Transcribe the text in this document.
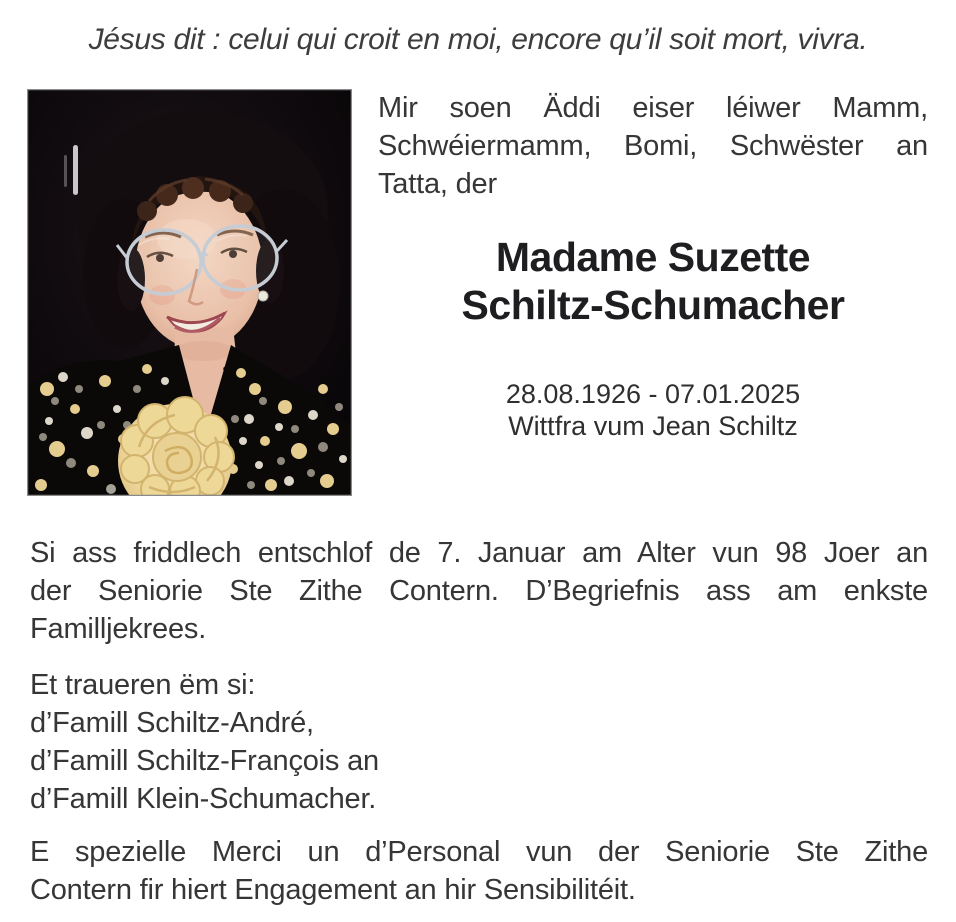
Jésus dit : celui qui croit en moi, encore qu’il soit mort, vivra.
Mir soen Äddi eiser léiwer Mamm,
Schwéiermamm, Bomi, Schwëster an
Tatta, der
Madame Suzette
Schiltz-Schumacher
28.08.1926 - 07.01.2025
Wittfra vum Jean Schiltz
Si ass friddlech entschlof de 7. Januar am Alter vun 98 Joer an
der Seniorie Ste Zithe Contern. D’Begriefnis ass am enkste
Familljekrees.
Et traueren ëm si:
d’Famill Schiltz-André,
d’Famill Schiltz-François an
d’Famill Klein-Schumacher.
E spezielle Merci un d’Personal vun der Seniorie Ste Zithe
Contern fir hiert Engagement an hir Sensibilitéit.
